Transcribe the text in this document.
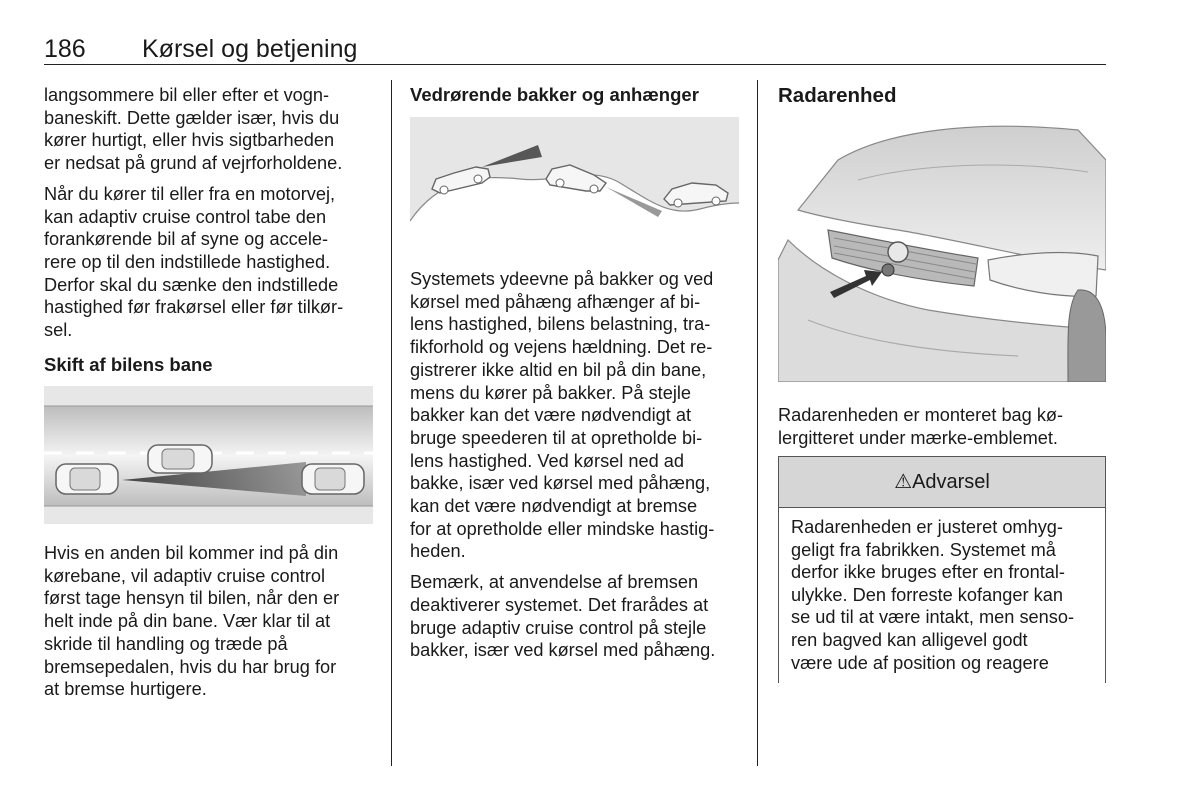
186 Kørsel og betjening

langsommere bil eller efter et vogn-
baneskift. Dette gælder især, hvis du
kører hurtigt, eller hvis sigtbarheden
er nedsat på grund af vejrforholdene.

Når du kører til eller fra en motorvej,
kan adaptiv cruise control tabe den
forankørende bil af syne og accele-
rere op til den indstillede hastighed.
Derfor skal du sænke den indstillede
hastighed før frakørsel eller før tilkør-
sel.

Skift af bilens bane

Hvis en anden bil kommer ind på din
kørebane, vil adaptiv cruise control
først tage hensyn til bilen, når den er
helt inde på din bane. Vær klar til at
skride til handling og træde på
bremsepedalen, hvis du har brug for
at bremse hurtigere.

Vedrørende bakker og anhænger

Systemets ydeevne på bakker og ved
kørsel med påhæng afhænger af bi-
lens hastighed, bilens belastning, tra-
fikforhold og vejens hældning. Det re-
gistrerer ikke altid en bil på din bane,
mens du kører på bakker. På stejle
bakker kan det være nødvendigt at
bruge speederen til at opretholde bi-
lens hastighed. Ved kørsel ned ad
bakke, især ved kørsel med påhæng,
kan det være nødvendigt at bremse
for at opretholde eller mindske hastig-
heden.

Bemærk, at anvendelse af bremsen
deaktiverer systemet. Det frarådes at
bruge adaptiv cruise control på stejle
bakker, især ved kørsel med påhæng.

Radarenhed

Radarenheden er monteret bag kø-
lergitteret under mærke-emblemet.

⚠Advarsel

Radarenheden er justeret omhyg-
geligt fra fabrikken. Systemet må
derfor ikke bruges efter en frontal-
ulykke. Den forreste kofanger kan
se ud til at være intakt, men senso-
ren bagved kan alligevel godt
være ude af position og reagere
